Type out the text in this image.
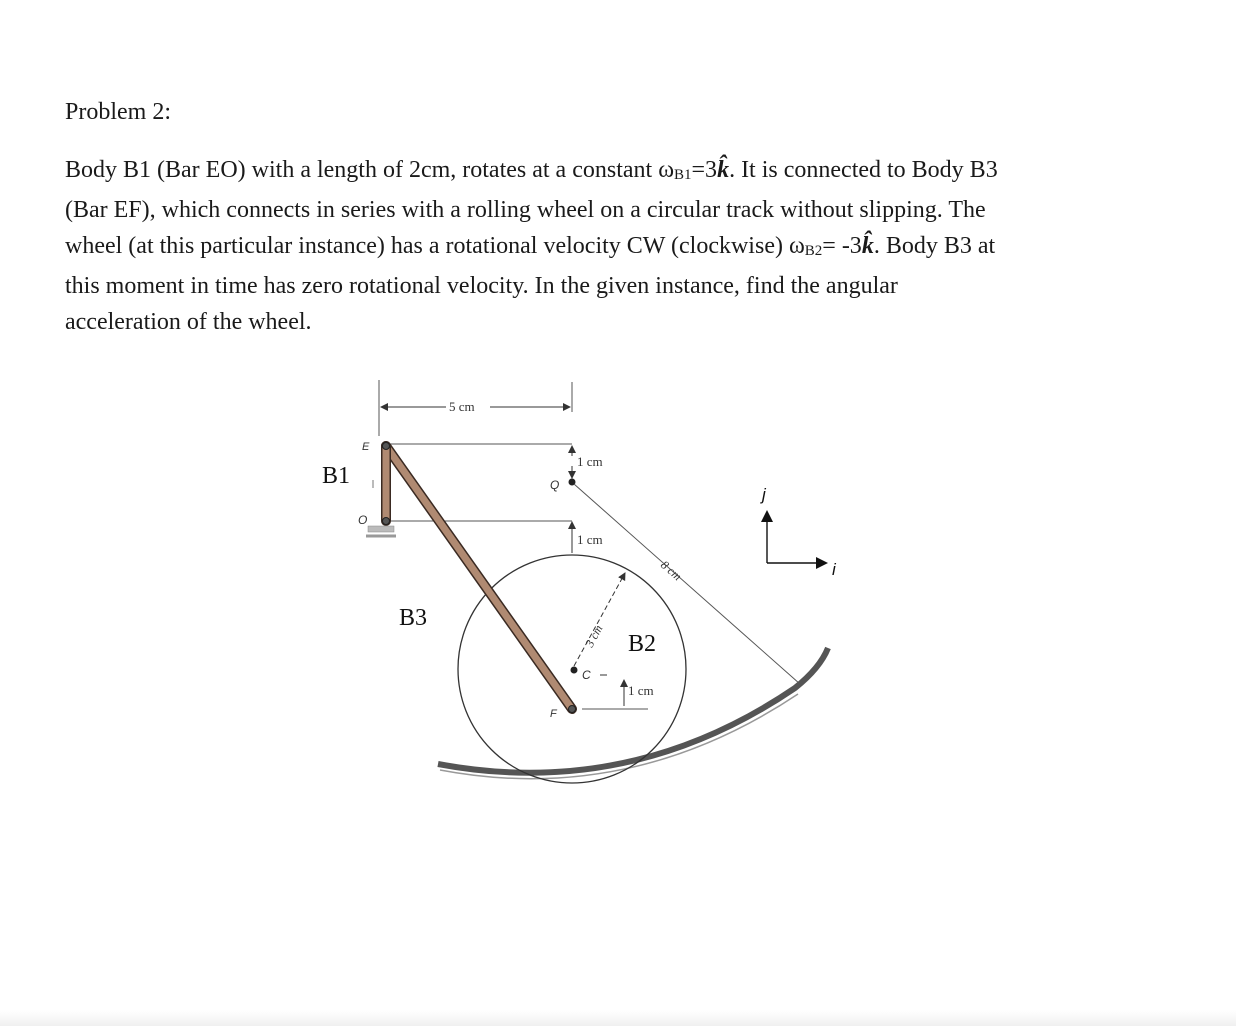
Problem 2:
Body B1 (Bar EO) with a length of 2cm, rotates at a constant ωB1=3k̂. It is connected to Body B3
(Bar EF), which connects in series with a rolling wheel on a circular track without slipping. The
wheel (at this particular instance) has a rotational velocity CW (clockwise) ωB2= -3k̂. Body B3 at
this moment in time has zero rotational velocity. In the given instance, find the angular
acceleration of the wheel.
5 cm
1 cm
Q
1 cm
8 cm
3 cm
C
1 cm
E
O
F
j
i
B1
B3
B2
